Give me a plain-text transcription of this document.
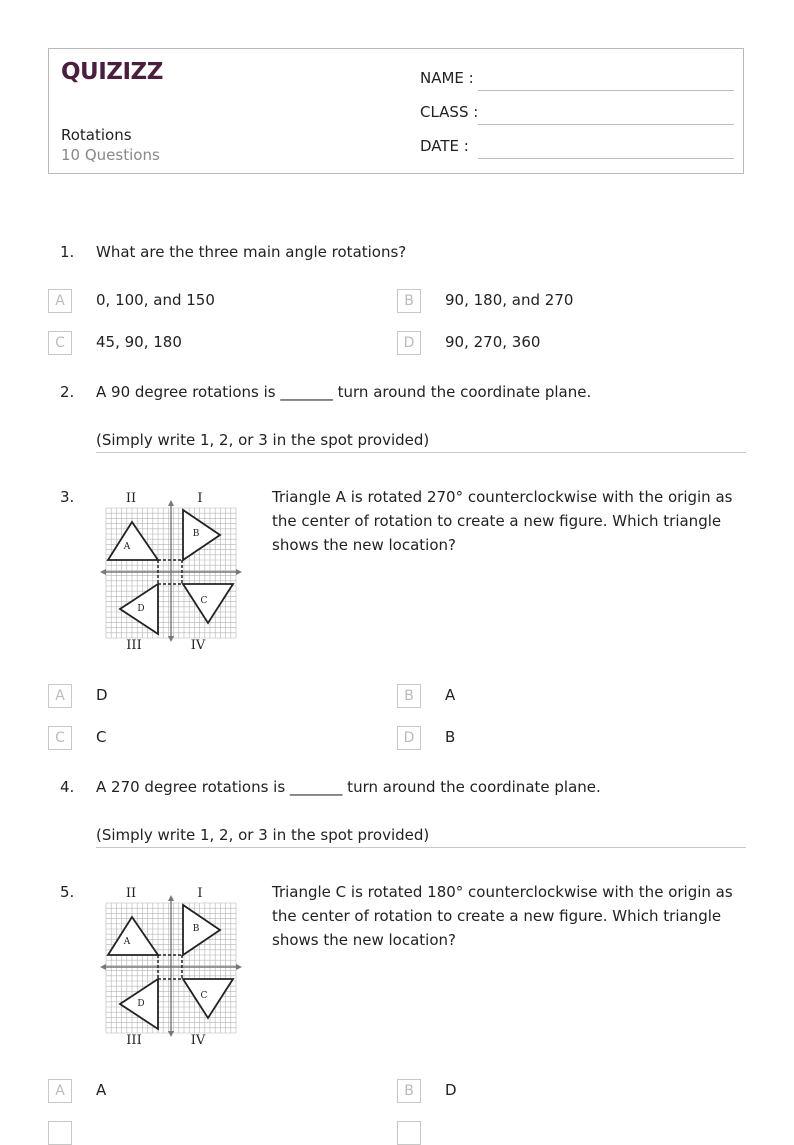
QUIZIZZ
Rotations
10 Questions
NAME :
CLASS :
DATE :
1. What are the three main angle rotations?
A	0, 100, and 150	B	90, 180, and 270
C	45, 90, 180	D	90, 270, 360
2. A 90 degree rotations is _______ turn around the coordinate plane.
(Simply write 1, 2, or 3 in the spot provided)
3.
A
B
C
D
II	I
III	IV
Triangle A is rotated 270° counterclockwise with the origin as the center of rotation to create a new figure. Which triangle shows the new location?
A	D	B	A
C	C	D	B
4. A 270 degree rotations is _______ turn around the coordinate plane.
(Simply write 1, 2, or 3 in the spot provided)
5.
A
B
C
D
II	I
III	IV
Triangle C is rotated 180° counterclockwise with the origin as the center of rotation to create a new figure. Which triangle shows the new location?
A	A	B	D
